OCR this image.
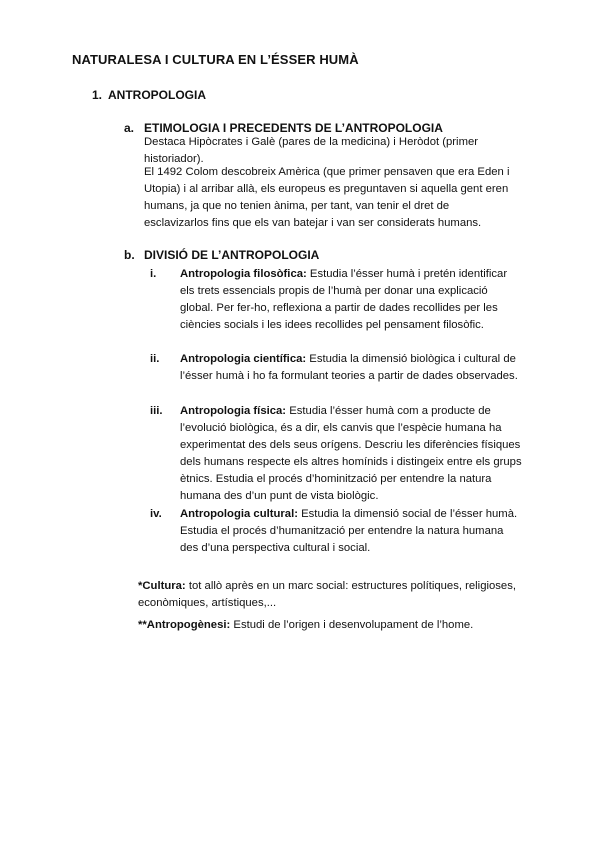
NATURALESA I CULTURA EN L’ÉSSER HUMÀ
1. ANTROPOLOGIA
a. ETIMOLOGIA I PRECEDENTS DE L’ANTROPOLOGIA
Destaca Hipòcrates i Galè (pares de la medicina) i Heròdot (primer historiador).
El 1492 Colom descobreix Amèrica (que primer pensaven que era Eden i Utopia) i al arribar allà, els europeus es preguntaven si aquella gent eren humans, ja que no tenien ànima, per tant, van tenir el dret de esclavizarlos fins que els van batejar i van ser considerats humans.
b. DIVISIÓ DE L’ANTROPOLOGIA
i. Antropologia filosòfica: Estudia l’ésser humà i pretén identificar els trets essencials propis de l’humà per donar una explicació global. Per fer-ho, reflexiona a partir de dades recollides per les ciències socials i les idees recollides pel pensament filosòfic.
ii. Antropologia científica: Estudia la dimensió biològica i cultural de l’ésser humà i ho fa formulant teories a partir de dades observades.
iii. Antropologia física: Estudia l’ésser humà com a producte de l’evolució biològica, és a dir, els canvis que l’espècie humana ha experimentat des dels seus orígens. Descriu les diferències físiques dels humans respecte els altres homínids i distingeix entre els grups ètnics. Estudia el procés d’hominització per entendre la natura humana des d’un punt de vista biològic.
iv. Antropologia cultural: Estudia la dimensió social de l’ésser humà. Estudia el procés d’humanització per entendre la natura humana des d’una perspectiva cultural i social.
*Cultura: tot allò après en un marc social: estructures polítiques, religioses, econòmiques, artístiques,...
**Antropogènesi: Estudi de l’origen i desenvolupament de l’home.
